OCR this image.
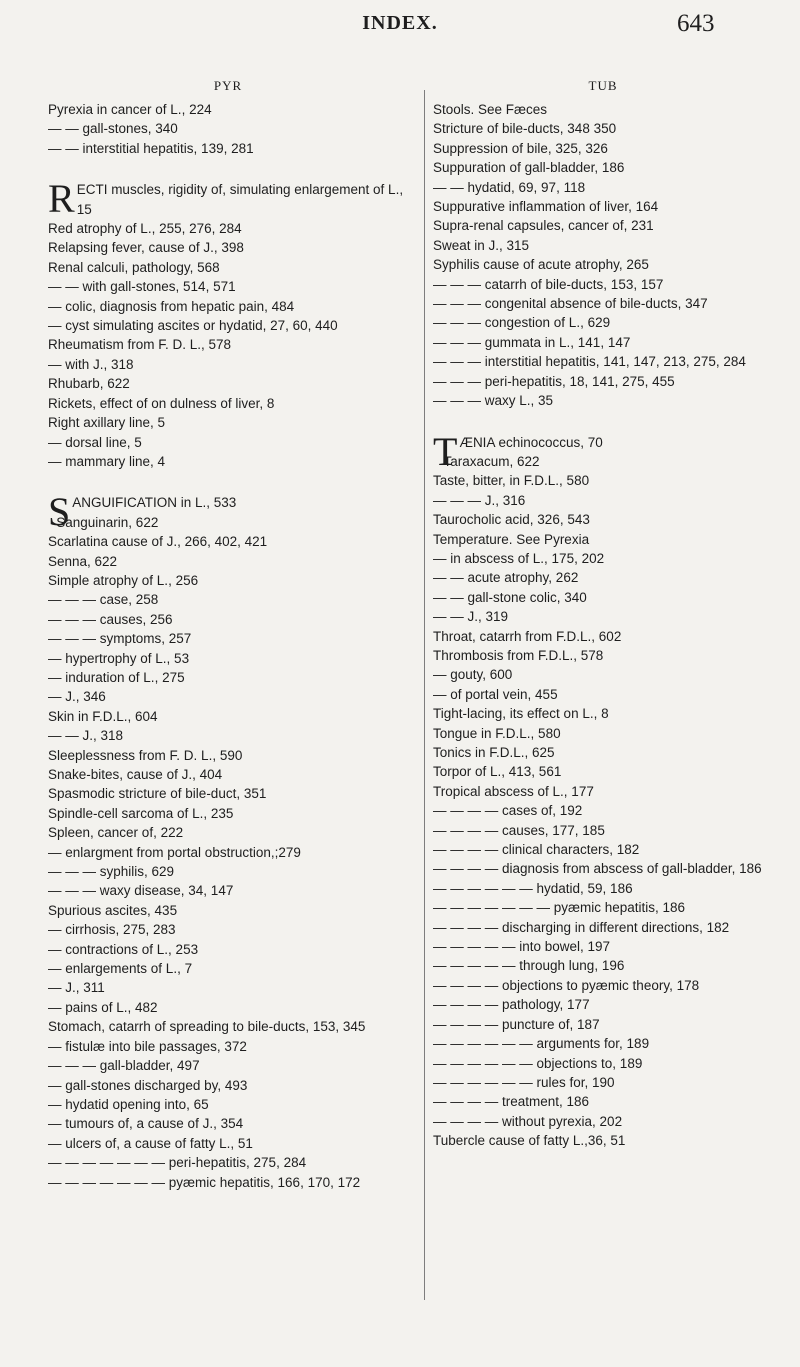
INDEX.	643
PYR
Pyrexia in cancer of L., 224
— — gall-stones, 340
— — interstitial hepatitis, 139, 281
RECTI muscles, rigidity of, simulating enlargement of L., 15
Red atrophy of L., 255, 276, 284
Relapsing fever, cause of J., 398
Renal calculi, pathology, 568
— — with gall-stones, 514, 571
— colic, diagnosis from hepatic pain, 484
— cyst simulating ascites or hydatid, 27, 60, 440
Rheumatism from F. D. L., 578
— with J., 318
Rhubarb, 622
Rickets, effect of on dulness of liver, 8
Right axillary line, 5
— dorsal line, 5
— mammary line, 4
SANGUIFICATION in L., 533
Sanguinarin, 622
Scarlatina cause of J., 266, 402, 421
Senna, 622
Simple atrophy of L., 256
— — — case, 258
— — — causes, 256
— — — symptoms, 257
— hypertrophy of L., 53
— induration of L., 275
— J., 346
Skin in F.D.L., 604
— — J., 318
Sleeplessness from F. D. L., 590
Snake-bites, cause of J., 404
Spasmodic stricture of bile-duct, 351
Spindle-cell sarcoma of L., 235
Spleen, cancer of, 222
— enlargment from portal obstruction,;279
— — — syphilis, 629
— — — waxy disease, 34, 147
Spurious ascites, 435
— cirrhosis, 275, 283
— contractions of L., 253
— enlargements of L., 7
— J., 311
— pains of L., 482
Stomach, catarrh of spreading to bile-ducts, 153, 345
— fistulæ into bile passages, 372
— — — gall-bladder, 497
— gall-stones discharged by, 493
— hydatid opening into, 65
— tumours of, a cause of J., 354
— ulcers of, a cause of fatty L., 51
— — — — — — — peri-hepatitis, 275, 284
— — — — — — — pyæmic hepatitis, 166, 170, 172
TUB
Stools. See Fæces
Stricture of bile-ducts, 348 350
Suppression of bile, 325, 326
Suppuration of gall-bladder, 186
— — hydatid, 69, 97, 118
Suppurative inflammation of liver, 164
Supra-renal capsules, cancer of, 231
Sweat in J., 315
Syphilis cause of acute atrophy, 265
— — — catarrh of bile-ducts, 153, 157
— — — congenital absence of bile-ducts, 347
— — — congestion of L., 629
— — — gummata in L., 141, 147
— — — interstitial hepatitis, 141, 147, 213, 275, 284
— — — peri-hepatitis, 18, 141, 275, 455
— — — waxy L., 35
TÆNIA echinococcus, 70
Taraxacum, 622
Taste, bitter, in F.D.L., 580
— — — J., 316
Taurocholic acid, 326, 543
Temperature. See Pyrexia
— in abscess of L., 175, 202
— — acute atrophy, 262
— — gall-stone colic, 340
— — J., 319
Throat, catarrh from F.D.L., 602
Thrombosis from F.D.L., 578
— gouty, 600
— of portal vein, 455
Tight-lacing, its effect on L., 8
Tongue in F.D.L., 580
Tonics in F.D.L., 625
Torpor of L., 413, 561
Tropical abscess of L., 177
— — — — cases of, 192
— — — — causes, 177, 185
— — — — clinical characters, 182
— — — — diagnosis from abscess of gall-bladder, 186
— — — — — — hydatid, 59, 186
— — — — — — — pyæmic hepatitis, 186
— — — — discharging in different directions, 182
— — — — — into bowel, 197
— — — — — through lung, 196
— — — — objections to pyæmic theory, 178
— — — — pathology, 177
— — — — puncture of, 187
— — — — — — arguments for, 189
— — — — — — objections to, 189
— — — — — — rules for, 190
— — — — treatment, 186
— — — — without pyrexia, 202
Tubercle cause of fatty L.,36, 51
